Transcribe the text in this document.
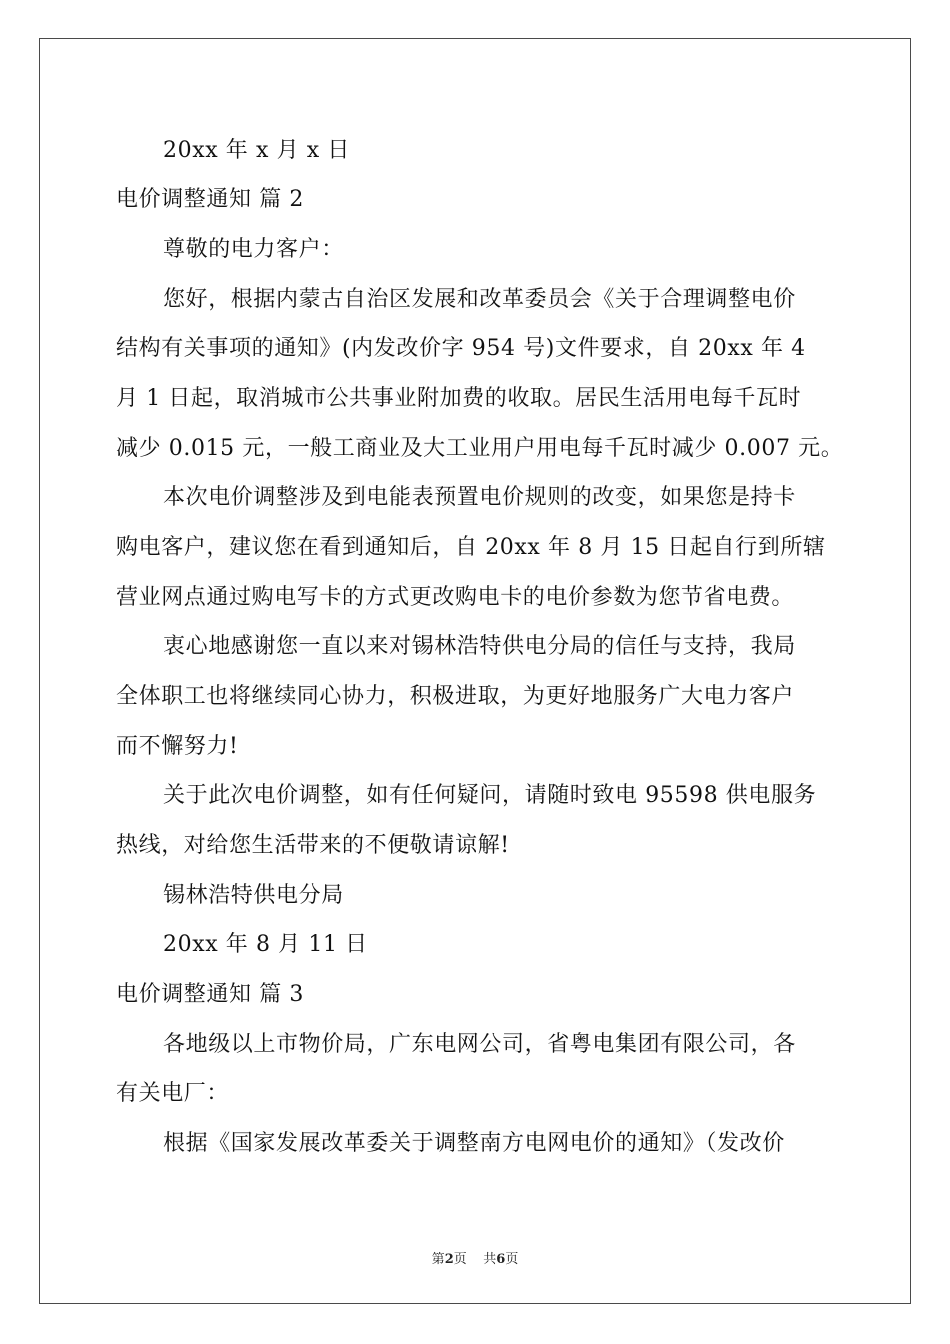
20xx 年 x 月 x 日
电价调整通知 篇 2
尊敬的电力客户：
您好，根据内蒙古自治区发展和改革委员会《关于合理调整电价
结构有关事项的通知》(内发改价字 954 号)文件要求，自 20xx 年 4
月 1 日起，取消城市公共事业附加费的收取。居民生活用电每千瓦时
减少 0.015 元，一般工商业及大工业用户用电每千瓦时减少 0.007 元。
本次电价调整涉及到电能表预置电价规则的改变，如果您是持卡
购电客户，建议您在看到通知后，自 20xx 年 8 月 15 日起自行到所辖
营业网点通过购电写卡的方式更改购电卡的电价参数为您节省电费。
衷心地感谢您一直以来对锡林浩特供电分局的信任与支持，我局
全体职工也将继续同心协力，积极进取，为更好地服务广大电力客户
而不懈努力!
关于此次电价调整，如有任何疑问，请随时致电 95598 供电服务
热线，对给您生活带来的不便敬请谅解!
锡林浩特供电分局
20xx 年 8 月 11 日
电价调整通知 篇 3
各地级以上市物价局，广东电网公司，省粤电集团有限公司，各
有关电厂：
根据《国家发展改革委关于调整南方电网电价的通知》（发改价
第2页    共6页
